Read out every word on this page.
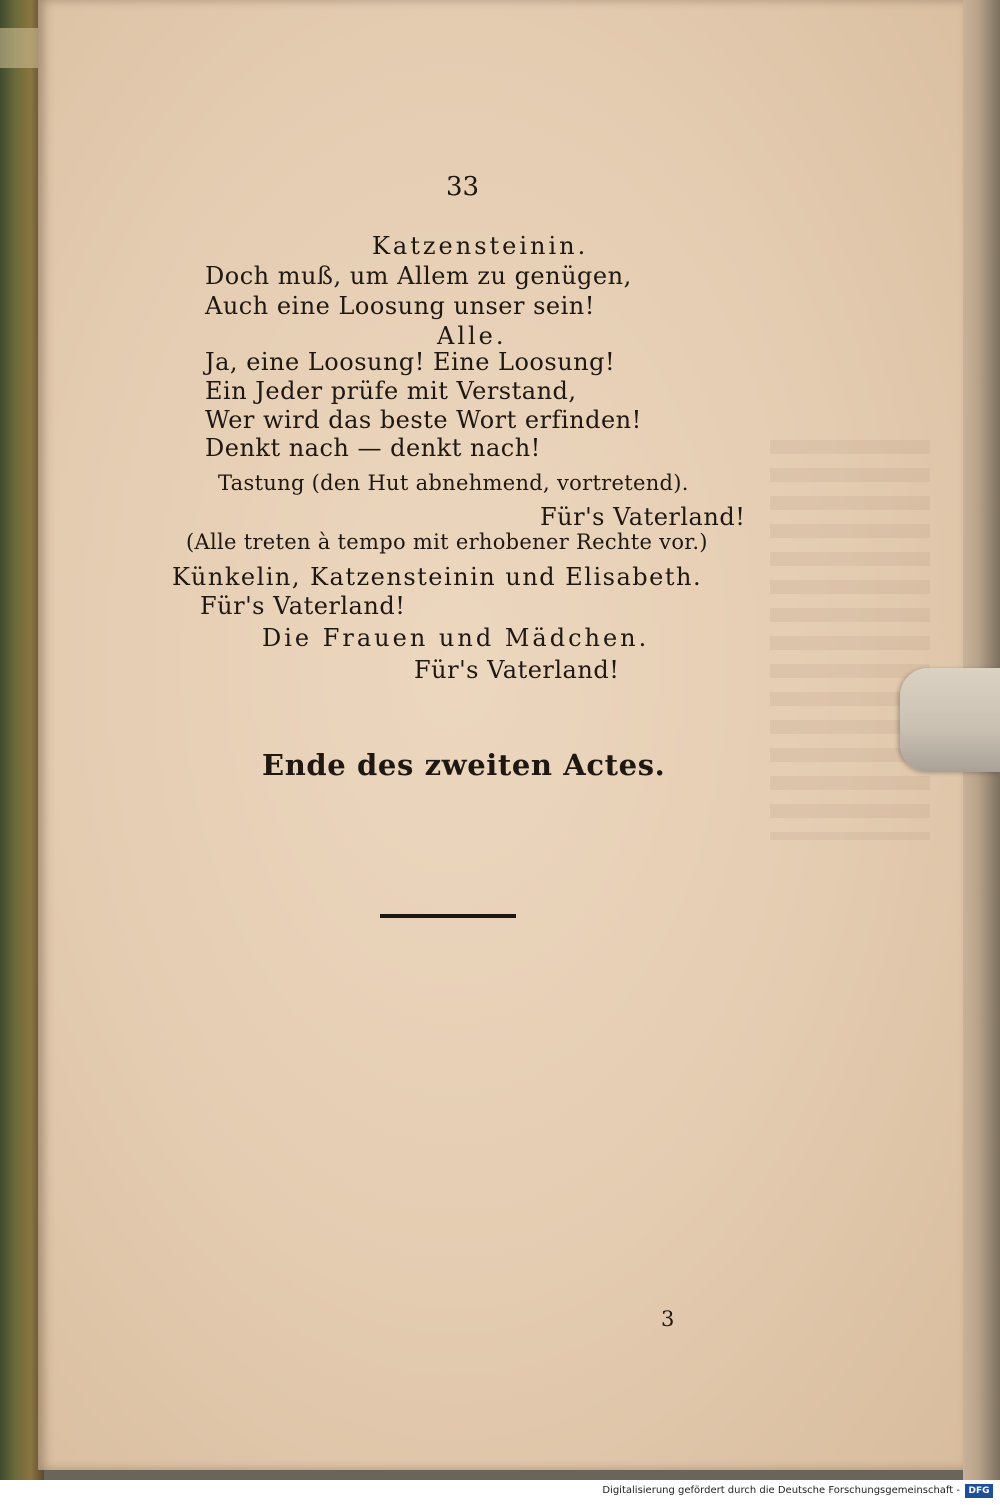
33

Katzensteinin.

Doch muß, um Allem zu genügen,

Auch eine Loosung unser sein!

Alle.

Ja, eine Loosung! Eine Loosung!

Ein Jeder prüfe mit Verstand,

Wer wird das beste Wort erfinden!

Denkt nach — denkt nach!

Tastung (den Hut abnehmend, vortretend).

Für's Vaterland!

(Alle treten à tempo mit erhobener Rechte vor.)

Künkelin, Katzensteinin und Elisabeth.

Für's Vaterland!

Die Frauen und Mädchen.

Für's Vaterland!

Ende des zweiten Actes.

3

Digitalisierung gefördert durch die Deutsche Forschungsgemeinschaft - DFG
